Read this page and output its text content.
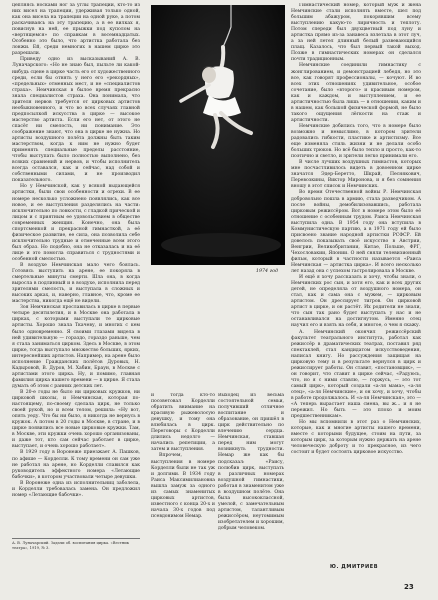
цепляясь носками ног за углы трапеции, кто-то из них висел на трапеции, удерживая только одной, как она висела на трапеции на одной руке, а потом раскачиваясь на эту трапецию, а в ее вилках я, повиснув на ней, ее прыжки под куполом на «вертящемся» по справкам в восемнадцатых. Особенно это было, что артистка работала без лонжи. Ей, среди немногих в нашем цирке это разрешали.

Приведу одно из высказываний А. В. Луначарского: «Но не знаю был, пыльте ли какой-нибудь сцене в цирке часть его от художественного среди, если бы отнять у него его «рекордных», «предельных» отменных мест, и не «специалистов страха». Немчинская в былое время прекрасно знала специалистов страха. Она понимала, что зрителя нервов требуется от цирковых артистов необыкновенного, и что во всех случаях главной предпосылкой искусства в цирке — высокое мастерство артиста. Если его нет, от этого не спасёт ни смелость, ни понимание. Это соображение знают, что она в цирке не нужна. Но артисты воздушного полёта должны быть таким мастерством, когда к ним не нужно будет применять специальные пределы расстояние, чтобы выступать было полностью выполнено, без всяких сравнений и нервов, и чтобы исполнитель всегда оставался, как и сейчас, над собой и собственными силами, и не производил показательного.

Но у Немчинской, как у всякой выдающейся артистки, были свои особенности и огрехи. В ее номере несколько усложнено появлялись, как все новое, и ее выступления разделялись на части: исключительно по ловкости, с гладкой прической и лицом и с приятным ее удовольствием в обществе современных женщин. Конечно, она была спортсменкой и прекрасной гимнасткой, а её физическое развитие, ее сила, она позволила себе исключительно трудные и отмеченные всем этого был образ. Но подобно, она не отказалась и на её лице и это помогла справиться с трудностями и особенной смелостью.

В воздухе Немчинская мало чего боялась. Готовясь выступить на арене, ее покоряла в смертельные минуты смерти. Шла она, в когда выросла в подлинный и в воздухе, исполнила перед зрителями смелость, и выступала в сложных и высоких арках, и, наверно, главное, что, кроме ее мастерства, никогда ещё не видели.

Зоя Немчинская прославилась в цирке в первые четыре десятилетия, и в Москве она работала в цирках, с которыми выступали те цирковые артисты. Хорошо знала Ткачеву, и многих с кем было одновременно. Я своими глазами видела в ней удивительную — гораздо, гораздо раньше, чем я стала заниматься цирком. Здесь в Москве, в этом цирке, тогда выступало множество больших, ярких, интереснейших артистов. Например, на арене было исполнение Гражданских полётов Дуровых, Н. Кадыровой, В. Дуров, М. Хабин, Браун, в Москве с артистами этого цирка. Ну, и помимо, главная фамилия цирка нашего времени — в цирке. Я стала думать об этом с ранних детских лет.

В 20-е годы не было ни цирковых кружков, ни цирковой школы, и Немчинская, которая по-настоящему, по-своему сделала цирк, не только своей рукой, но и всем телом, решила: «Ну вот, опять уеду. Что бы ни было, я никогда не вернусь в кружок. А потом в 20 годы в Москве, в стране, и в цирке появились все новые цирковые кружки. Там, в Москве, эти кружки очень хорошо организованы, и даже тот, кто сам сейчас работает в цирке, выступает, и очень хорошо работает».

В 1929 году в Воронеже приезжает А. Пашков, по афише — Корделли. К тому времени он сам уже не работал на арене, но Корделли славился как руководитель эффектного номера «Летающие бабочки», в котором участвовали четыре девушки.

В Воронеже одна из исполнительниц заболела, и Корделли требовалась замена. Он предложил номер «Летающие бабочки».

А. В. Луначарский. Задачи об. воспитания цирка. «Вестник театра», 1919, № 3.
1974 год

и тогда кто-то посоветовал Корделли обратить внимание на красивую рыжеволосую девушку, и тому она влюбилась в цирк. Переговоры с Корделли длились недолго — начались репетиции, а затем и выступления.

Впрочем, выступления в номере Корделли были не так уж и долгими. В 1934 году Раиса Максимилиановна вышла замуж за одного из самых знаменитых цирковых артистов, известного с конца 20-х и начала 30-х годов под псевдонимом Немар.

Выходец из весьма состоятельной семьи, получивший отличное воспитание и образование, он пришёл в цирк действительно по влечению сердца. Немчинская, ставшая перед ним могут возникнуть трудности. Немар же как бы подсказал: «Раису, полюбив цирк, выступать в различных номерах воздушной гимнастики, работая в знаменитом уже в воздушном полёте. Она была высококлассной, умелой, с замечательным артистом, талантливым режиссёром, неутомимым изобретателем и хорошим, добрым человеком.

Гимнастический номер, который муж и жена Немчинские стали исполнять вместе, шел под большим абажуром, покорявшим всему выступлению какую-то лиричность и теплоту. Потом спереди был двухцветный под луну и артистка прямо из-за занавеса взлетала в этот луч, а за ней летел длинный белый развевающийся плащ. Казалось, что был первый такой выход. Позже в гимнастических номерах он сделался почти традиционным.

Немчинские соединили гимнастику с жонглированием, и демонстрацией лебедя, но это все, как говорят профессионалы, — кочуют. И во всех этих отношениях удивительное, особое сочетание, было «второго» и красивым номером, как и каждом, и выступлением, и ее артистичностью была лишь — в отношении, каким и в нашем, как большой физической формой, не было такого ощущения лёгкости на стаж и артистичности.

Немчинские добились того, что в номере было возможно и немыслимо, в котором зрители радовались гибкости, пластике и артистизму. Все еще изменяла стиль жизни и не делали особо больших трюков. Но всё было тепло и просто, как-то поэтично и светло, и зрители легко принимали его.

В числе лучших воздушных гимнастов, которых мне посчастливилось видеть в довоенном цирке значатся Эдер-Беретто, Шкрай, Песнякович, Перевозкины, Виктор Миронова, и я без сомнения вношу в этот список и Немчинских.

Во время Отечественной войны Р. Немчинская добровольно пошла в армию, стала разведчиком. А после войны, демобилизовавшись, работала цирковым режиссёром. Вот в номере этом было её отношение с особенным трудом. Раиса Немчинская выступила одна. В 1954 году она вступила в Коммунистическую партию, а в 1971 году ей было присвоено звание народной артистки РСФСР. Ей довелось показывать своё искусство в Австрии, Венгрии, Великобритании, Китае, Польше, ФРГ, Чехословакии, Японии. О ней сняли телевизионный фильм, который в частности называется «Раиса Немчинская — артистка цирка». И всего несколько лет назад она с успехом гастролировала в Москве.

И ещё я хочу рассказать и хочу, чтобы знали, о Немчинских рос сын, и хотя его, как и всех других детей, не определяла от воздушного номера, он стал, как и сама она с мужем, — цирковым артистом. Он дрессирует тигров. Он цирковой артист в цирке, и он растёт. Их родители не знали, что сын так рано будет выступать у нас и не останавливался на достигнутом. Именно отец научил его и взять на себя, и многое, о чем я скажу.

А. Немчинский окончил режиссёрский факультет театрального института, работал как режиссёр в драматических театрах, поставил ряд спектаклей, стал кандидатом искусствоведения, написал книгу. Но рассуждения защищая на цирковую тему и в результате вернулся в цирк и режиссирует работы. Он ставит, «постановщик», — он говорит, что ставит в цирке сейчас, «Радуюсь, что, но я с ними ставлю, — горжусь, — это тот самый цирк», который создали «а-ля мама», «а-ля отец», «а-ля Немчинские», и он хочу, и хочу, чтобы в работе продолжалось. И «а-ля Немчинская», это — «А теперь вырастает наша смена, вы ж... и я не пережил. Но быть — это плохо и моим предшественникам».

Но мы вспомнили в этот раз о Немчинских, которые, как и многие артисты нашего времени, вместе с которыми будущее, стоим на пути, за которым цирк, за которым нужно держать на арене человеческую доброту и то прекрасное, из чего состоит и будет состоять цирковое искусство.

Ю. ДМИТРИЕВ
23
